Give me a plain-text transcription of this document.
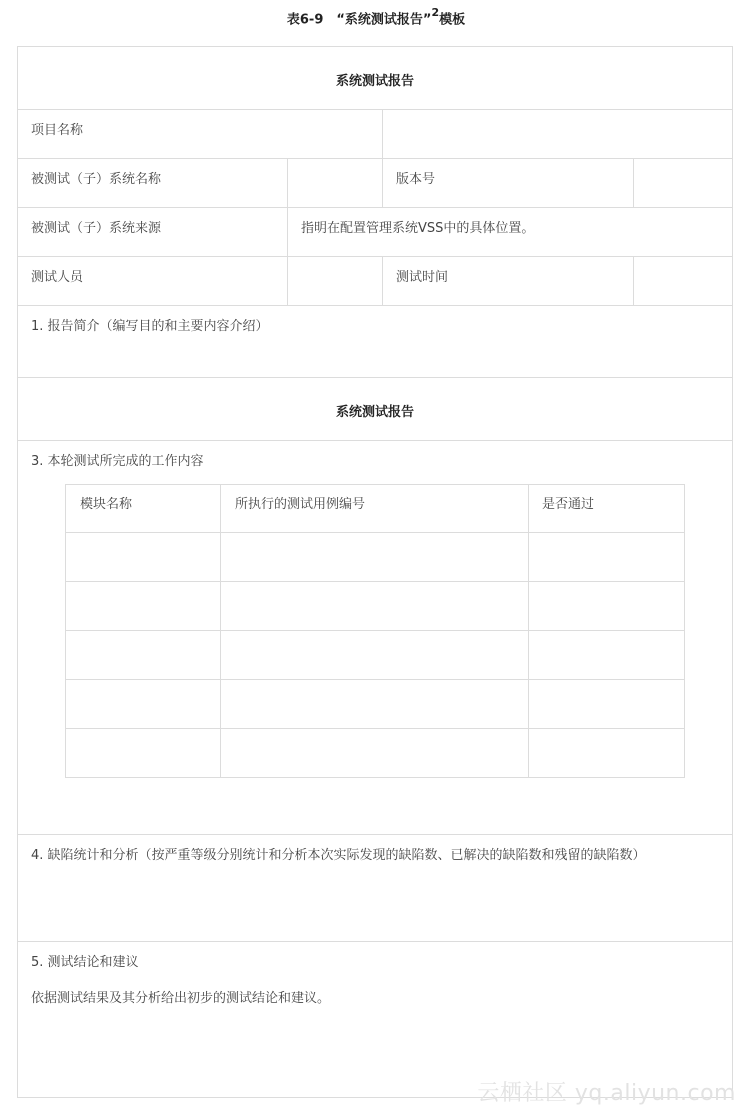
表6-9　“系统测试报告”$^2$模板
系统测试报告
项目名称
被测试（子）系统名称	版本号
被测试（子）系统来源	指明在配置管理系统VSS中的具体位置。
测试人员	测试时间
1. 报告简介（编写目的和主要内容介绍）
系统测试报告
3. 本轮测试所完成的工作内容
模块名称	所执行的测试用例编号	是否通过
4. 缺陷统计和分析（按严重等级分别统计和分析本次实际发现的缺陷数、已解决的缺陷数和残留的缺陷数）
5. 测试结论和建议
依据测试结果及其分析给出初步的测试结论和建议。
云栖社区 yq.aliyun.com
